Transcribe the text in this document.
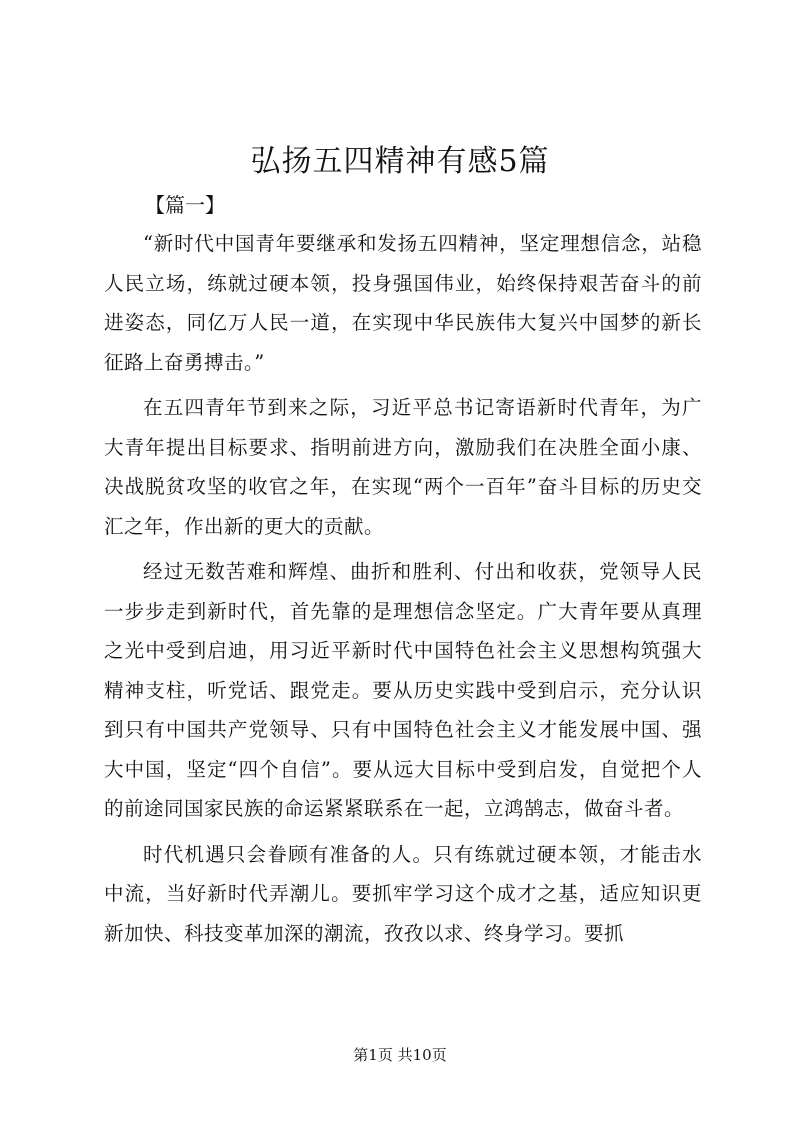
弘扬五四精神有感5篇

【篇一】

“新时代中国青年要继承和发扬五四精神，坚定理想信念，站稳人民立场，练就过硬本领，投身强国伟业，始终保持艰苦奋斗的前进姿态，同亿万人民一道，在实现中华民族伟大复兴中国梦的新长征路上奋勇搏击。”

在五四青年节到来之际，习近平总书记寄语新时代青年，为广大青年提出目标要求、指明前进方向，激励我们在决胜全面小康、决战脱贫攻坚的收官之年，在实现“两个一百年”奋斗目标的历史交汇之年，作出新的更大的贡献。

经过无数苦难和辉煌、曲折和胜利、付出和收获，党领导人民一步步走到新时代，首先靠的是理想信念坚定。广大青年要从真理之光中受到启迪，用习近平新时代中国特色社会主义思想构筑强大精神支柱，听党话、跟党走。要从历史实践中受到启示，充分认识到只有中国共产党领导、只有中国特色社会主义才能发展中国、强大中国，坚定“四个自信”。要从远大目标中受到启发，自觉把个人的前途同国家民族的命运紧紧联系在一起，立鸿鹄志，做奋斗者。

时代机遇只会眷顾有准备的人。只有练就过硬本领，才能击水中流，当好新时代弄潮儿。要抓牢学习这个成才之基，适应知识更新加快、科技变革加深的潮流，孜孜以求、终身学习。要抓

第1页 共10页
